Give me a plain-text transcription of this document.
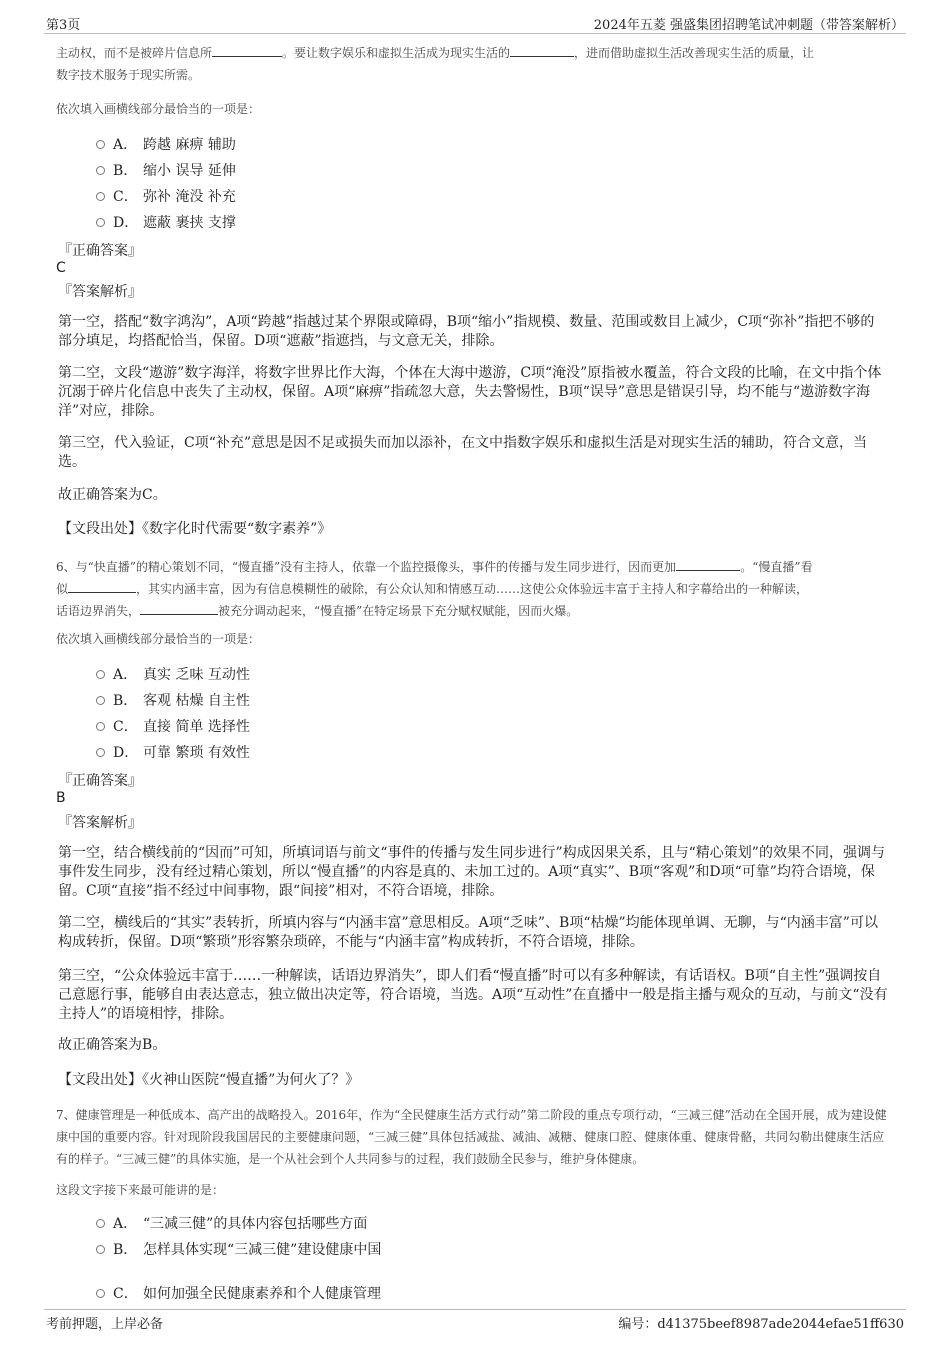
第3页	2024年五菱 强盛集团招聘笔试冲刺题（带答案解析）
主动权，而不是被碎片信息所	。要让数字娱乐和虚拟生活成为现实生活的	，进而借助虚拟生活改善现实生活的质量，让
数字技术服务于现实所需。
依次填入画横线部分最恰当的一项是：
A． 跨越 麻痹 辅助
B． 缩小 误导 延伸
C． 弥补 淹没 补充
D． 遮蔽 裹挟 支撑
『正确答案』
C
『答案解析』
第一空，搭配“数字鸿沟”，A项“跨越”指越过某个界限或障碍，B项“缩小”指规模、数量、范围或数目上减少，C项“弥补”指把不够的部分填足，均搭配恰当，保留。D项“遮蔽”指遮挡，与文意无关，排除。
第二空，文段“遨游”数字海洋，将数字世界比作大海，个体在大海中遨游，C项“淹没”原指被水覆盖，符合文段的比喻，在文中指个体沉溺于碎片化信息中丧失了主动权，保留。A项“麻痹”指疏忽大意，失去警惕性，B项“误导”意思是错误引导，均不能与“遨游数字海洋”对应，排除。
第三空，代入验证，C项“补充”意思是因不足或损失而加以添补，在文中指数字娱乐和虚拟生活是对现实生活的辅助，符合文意，当选。
故正确答案为C。
【文段出处】《数字化时代需要“数字素养”》
6、与“快直播”的精心策划不同，“慢直播”没有主持人，依靠一个监控摄像头，事件的传播与发生同步进行，因而更加	。“慢直播”看
似	，其实内涵丰富，因为有信息模糊性的破除，有公众认知和情感互动……这使公众体验远丰富于主持人和字幕给出的一种解读，
话语边界消失，	被充分调动起来，“慢直播”在特定场景下充分赋权赋能，因而火爆。
依次填入画横线部分最恰当的一项是：
A． 真实 乏味 互动性
B． 客观 枯燥 自主性
C． 直接 简单 选择性
D． 可靠 繁琐 有效性
『正确答案』
B
『答案解析』
第一空，结合横线前的“因而”可知，所填词语与前文“事件的传播与发生同步进行”构成因果关系，且与“精心策划”的效果不同，强调与事件发生同步，没有经过精心策划，所以“慢直播”的内容是真的、未加工过的。A项“真实”、B项“客观”和D项“可靠”均符合语境，保留。C项“直接”指不经过中间事物，跟“间接”相对，不符合语境，排除。
第二空，横线后的“其实”表转折，所填内容与“内涵丰富”意思相反。A项“乏味”、B项“枯燥”均能体现单调、无聊，与“内涵丰富”可以构成转折，保留。D项“繁琐”形容繁杂琐碎，不能与“内涵丰富”构成转折，不符合语境，排除。
第三空，“公众体验远丰富于……一种解读，话语边界消失”，即人们看“慢直播”时可以有多种解读，有话语权。B项“自主性”强调按自己意愿行事，能够自由表达意志，独立做出决定等，符合语境，当选。A项“互动性”在直播中一般是指主播与观众的互动，与前文“没有主持人”的语境相悖，排除。
故正确答案为B。
【文段出处】《火神山医院“慢直播”为何火了？》
7、健康管理是一种低成本、高产出的战略投入。2016年，作为“全民健康生活方式行动”第二阶段的重点专项行动，“三减三健”活动在全国开展，成为建设健康中国的重要内容。针对现阶段我国居民的主要健康问题，“三减三健”具体包括减盐、减油、减糖、健康口腔、健康体重、健康骨骼，共同勾勒出健康生活应有的样子。“三减三健”的具体实施，是一个从社会到个人共同参与的过程，我们鼓励全民参与，维护身体健康。
这段文字接下来最可能讲的是：
A． “三减三健”的具体内容包括哪些方面
B． 怎样具体实现“三减三健”建设健康中国
C． 如何加强全民健康素养和个人健康管理
考前押题，上岸必备	编号：d41375beef8987ade2044efae51ff630
